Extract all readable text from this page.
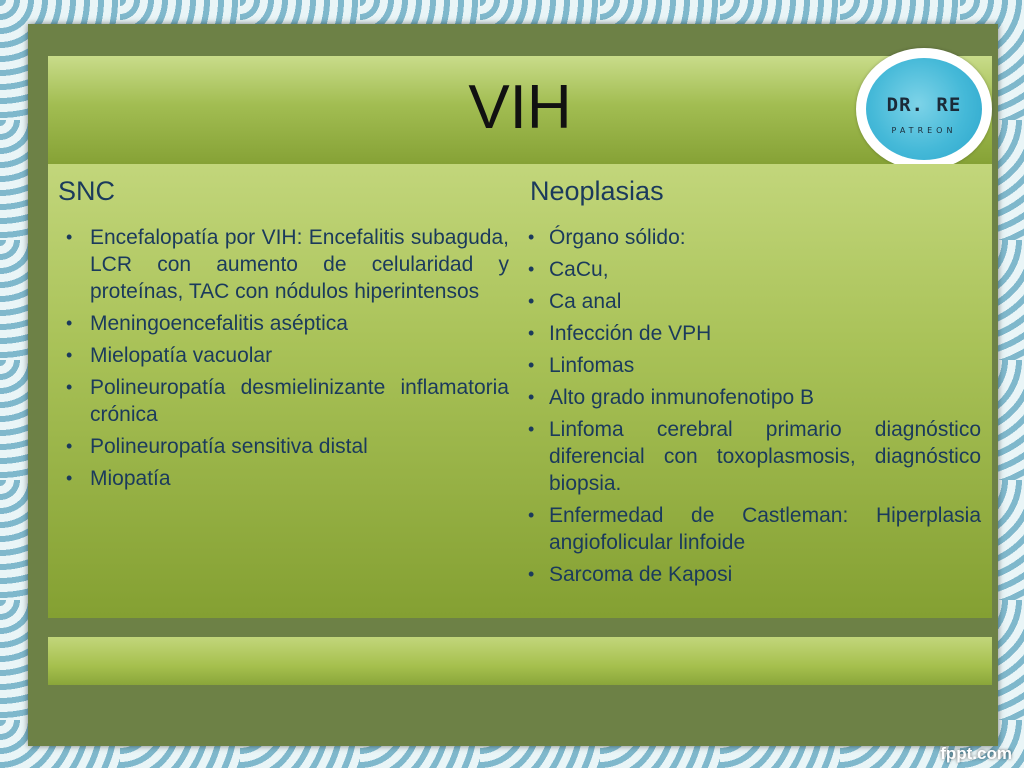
VIH	DR. RE
PATREON
SNC
• Encefalopatía por VIH: Encefalitis subaguda, LCR con aumento de celularidad y proteínas, TAC con nódulos hiperintensos
• Meningoencefalitis aséptica
• Mielopatía vacuolar
• Polineuropatía desmielinizante inflamatoria crónica
• Polineuropatía sensitiva distal
• Miopatía
Neoplasias
• Órgano sólido:
• CaCu,
• Ca anal
• Infección de VPH
• Linfomas
• Alto grado inmunofenotipo B
• Linfoma cerebral primario diagnóstico diferencial con toxoplasmosis, diagnóstico biopsia.
• Enfermedad de Castleman: Hiperplasia angiofolicular linfoide
• Sarcoma de Kaposi
fppt.com
